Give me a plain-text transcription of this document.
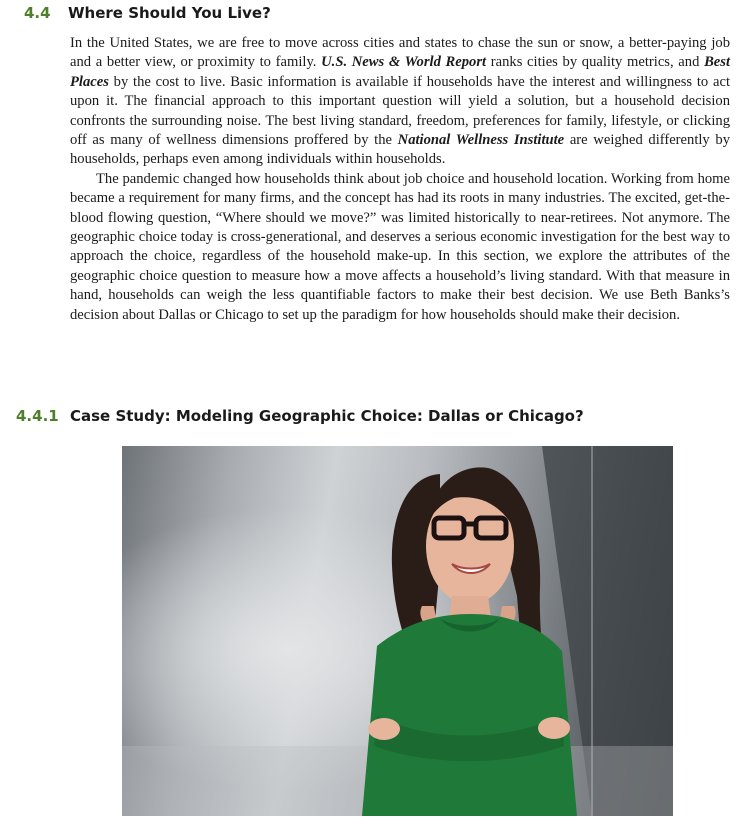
4.4 Where Should You Live?

In the United States, we are free to move across cities and states to chase the sun or snow, a better-paying job and a better view, or proximity to family. U.S. News & World Report ranks cities by quality metrics, and Best Places by the cost to live. Basic information is available if households have the interest and willingness to act upon it. The financial approach to this important question will yield a solution, but a household decision confronts the surrounding noise. The best living standard, freedom, preferences for family, lifestyle, or clicking off as many of wellness dimensions proffered by the National Wellness Institute are weighed differently by households, perhaps even among individuals within households.

The pandemic changed how households think about job choice and household location. Working from home became a requirement for many firms, and the concept has had its roots in many industries. The excited, get-the-blood flowing question, “Where should we move?” was limited historically to near-retirees. Not anymore. The geographic choice today is cross-generational, and deserves a serious economic investigation for the best way to approach the choice, regardless of the household make-up. In this section, we explore the attributes of the geographic choice question to measure how a move affects a household’s living standard. With that measure in hand, households can weigh the less quantifiable factors to make their best decision. We use Beth Banks’s decision about Dallas or Chicago to set up the paradigm for how households should make their decision.

4.4.1 Case Study: Modeling Geographic Choice: Dallas or Chicago?
